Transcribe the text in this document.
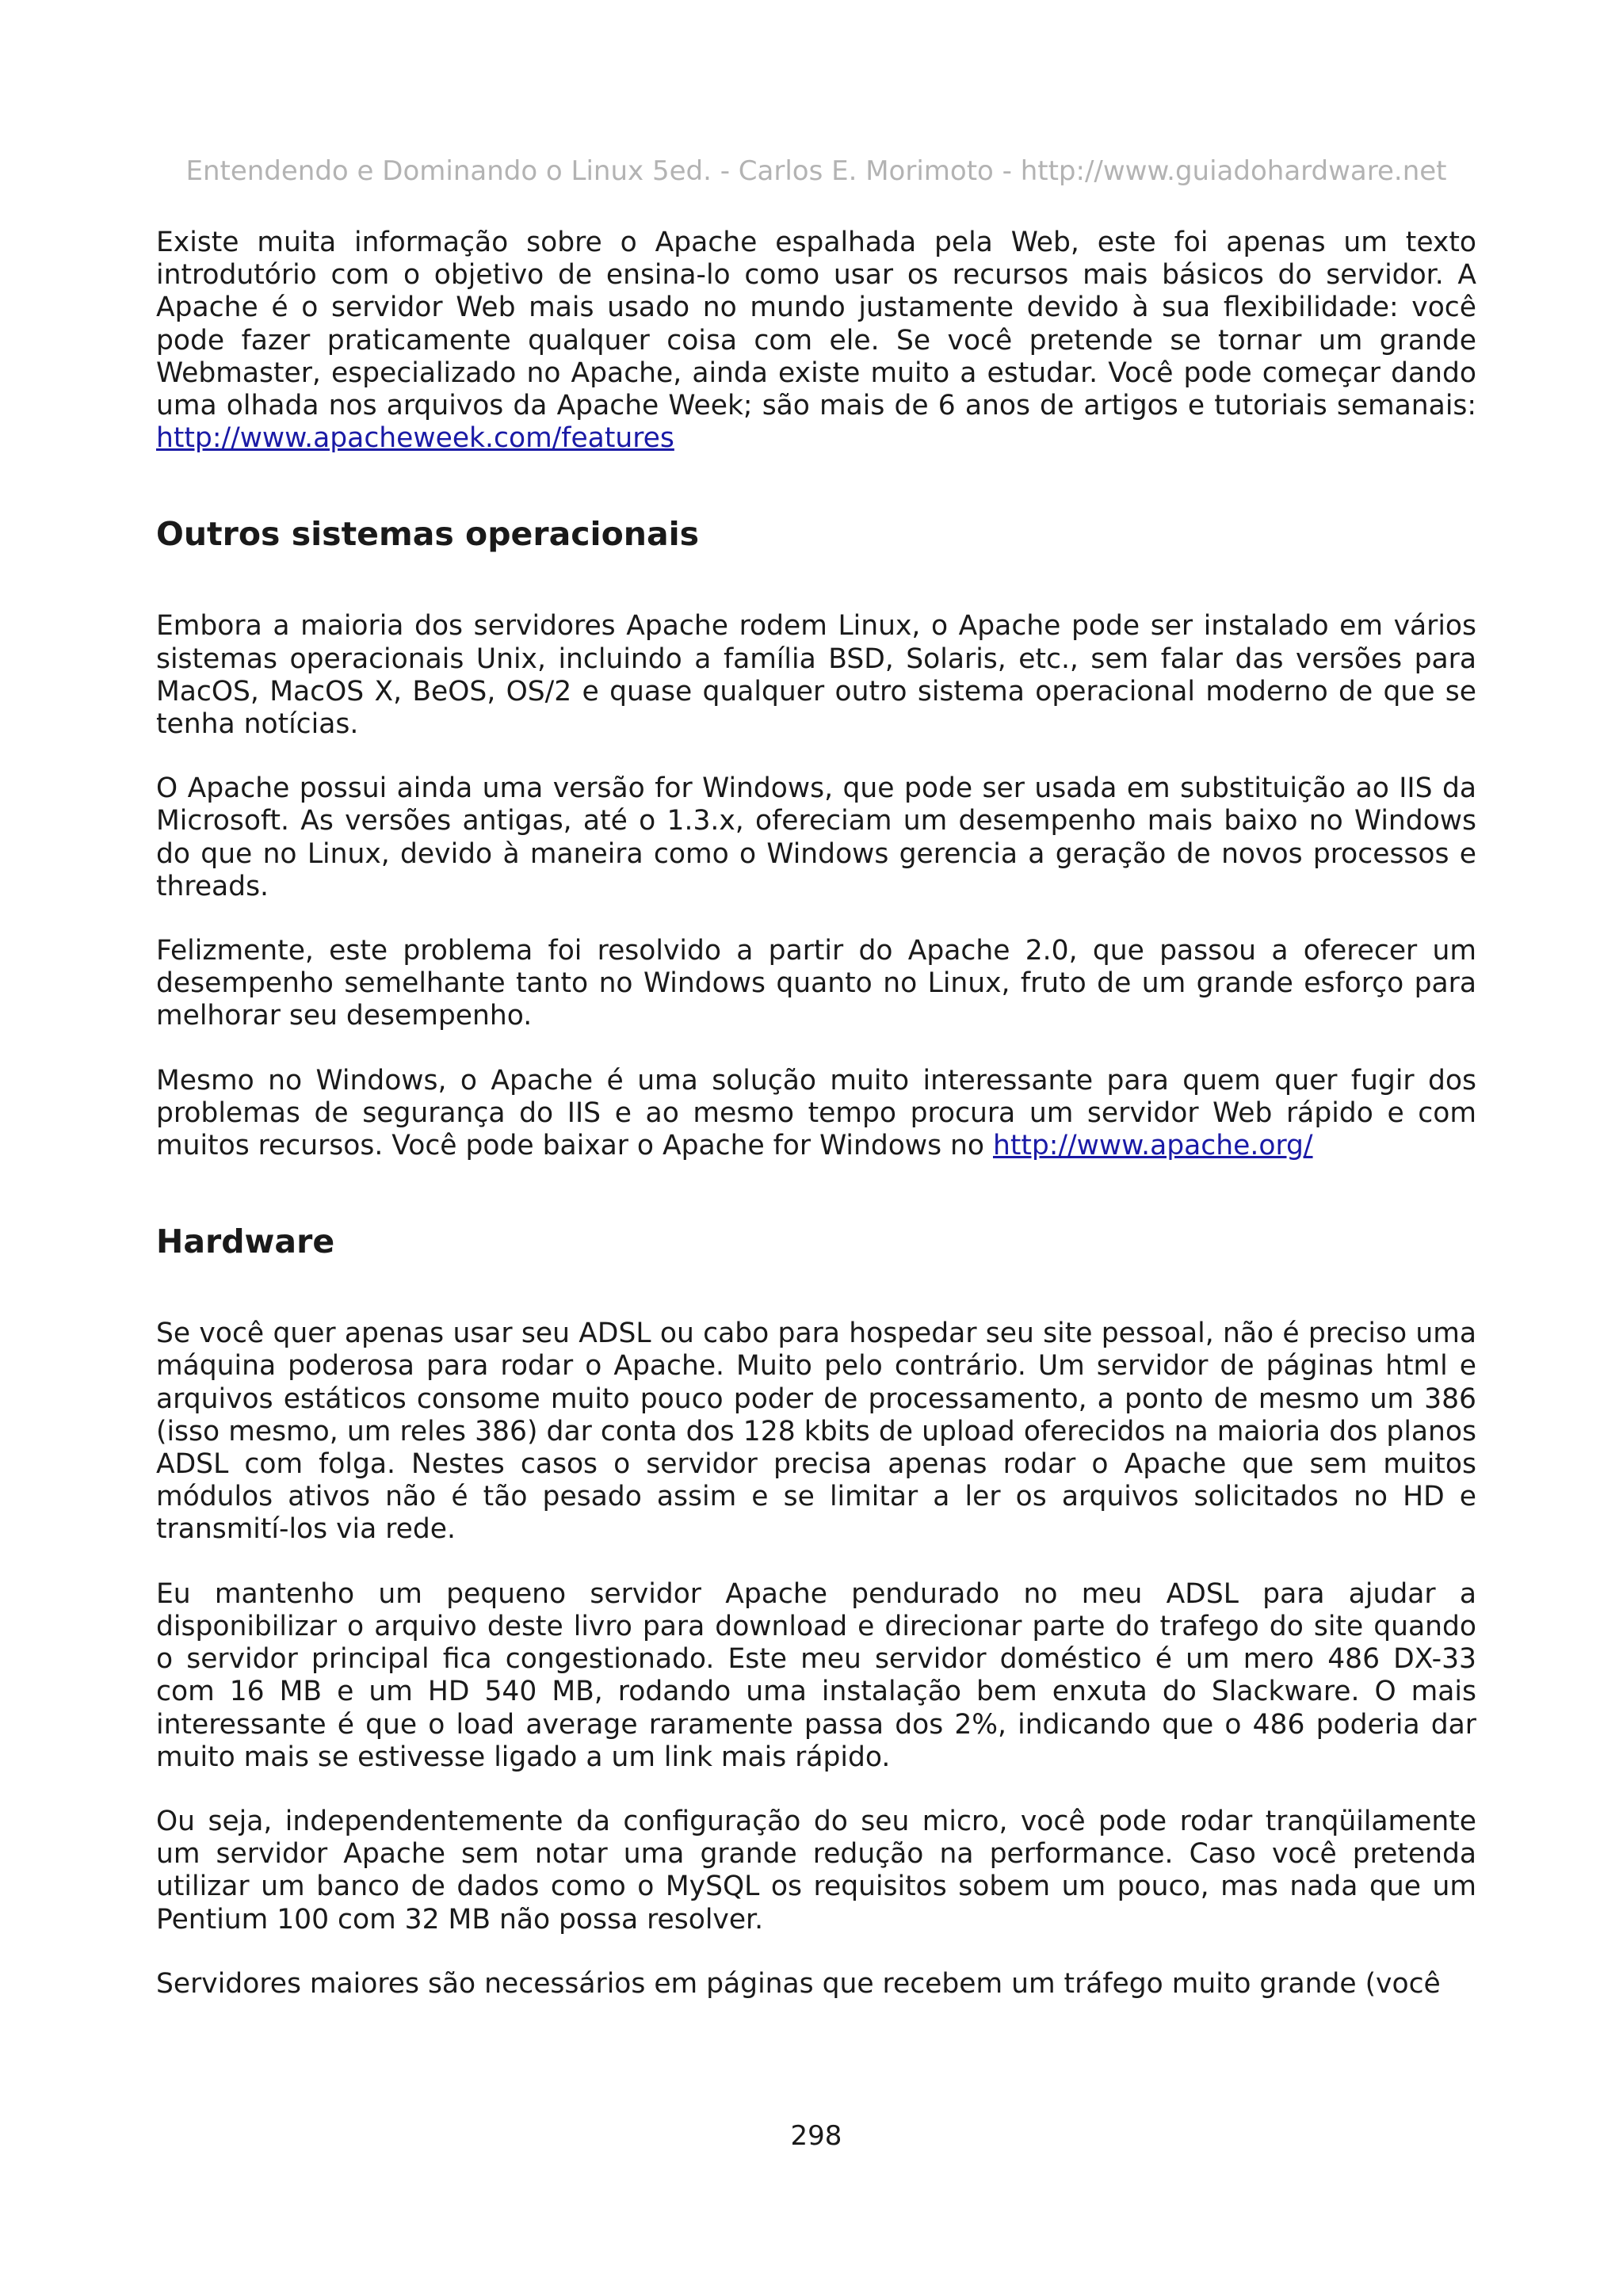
Entendendo e Dominando o Linux 5ed. - Carlos E. Morimoto - http://www.guiadohardware.net

Existe muita informação sobre o Apache espalhada pela Web, este foi apenas um texto introdutório com o objetivo de ensina-lo como usar os recursos mais básicos do servidor. A Apache é o servidor Web mais usado no mundo justamente devido à sua flexibilidade: você pode fazer praticamente qualquer coisa com ele. Se você pretende se tornar um grande Webmaster, especializado no Apache, ainda existe muito a estudar. Você pode começar dando uma olhada nos arquivos da Apache Week; são mais de 6 anos de artigos e tutoriais semanais: http://www.apacheweek.com/features

Outros sistemas operacionais

Embora a maioria dos servidores Apache rodem Linux, o Apache pode ser instalado em vários sistemas operacionais Unix, incluindo a família BSD, Solaris, etc., sem falar das versões para MacOS, MacOS X, BeOS, OS/2 e quase qualquer outro sistema operacional moderno de que se tenha notícias.

O Apache possui ainda uma versão for Windows, que pode ser usada em substituição ao IIS da Microsoft. As versões antigas, até o 1.3.x, ofereciam um desempenho mais baixo no Windows do que no Linux, devido à maneira como o Windows gerencia a geração de novos processos e threads.

Felizmente, este problema foi resolvido a partir do Apache 2.0, que passou a oferecer um desempenho semelhante tanto no Windows quanto no Linux, fruto de um grande esforço para melhorar seu desempenho.

Mesmo no Windows, o Apache é uma solução muito interessante para quem quer fugir dos problemas de segurança do IIS e ao mesmo tempo procura um servidor Web rápido e com muitos recursos. Você pode baixar o Apache for Windows no http://www.apache.org/

Hardware

Se você quer apenas usar seu ADSL ou cabo para hospedar seu site pessoal, não é preciso uma máquina poderosa para rodar o Apache. Muito pelo contrário. Um servidor de páginas html e arquivos estáticos consome muito pouco poder de processamento, a ponto de mesmo um 386 (isso mesmo, um reles 386) dar conta dos 128 kbits de upload oferecidos na maioria dos planos ADSL com folga. Nestes casos o servidor precisa apenas rodar o Apache que sem muitos módulos ativos não é tão pesado assim e se limitar a ler os arquivos solicitados no HD e transmití-los via rede.

Eu mantenho um pequeno servidor Apache pendurado no meu ADSL para ajudar a disponibilizar o arquivo deste livro para download e direcionar parte do trafego do site quando o servidor principal fica congestionado. Este meu servidor doméstico é um mero 486 DX-33 com 16 MB e um HD 540 MB, rodando uma instalação bem enxuta do Slackware. O mais interessante é que o load average raramente passa dos 2%, indicando que o 486 poderia dar muito mais se estivesse ligado a um link mais rápido.

Ou seja, independentemente da configuração do seu micro, você pode rodar tranqüilamente um servidor Apache sem notar uma grande redução na performance. Caso você pretenda utilizar um banco de dados como o MySQL os requisitos sobem um pouco, mas nada que um Pentium 100 com 32 MB não possa resolver.

Servidores maiores são necessários em páginas que recebem um tráfego muito grande (você

298
